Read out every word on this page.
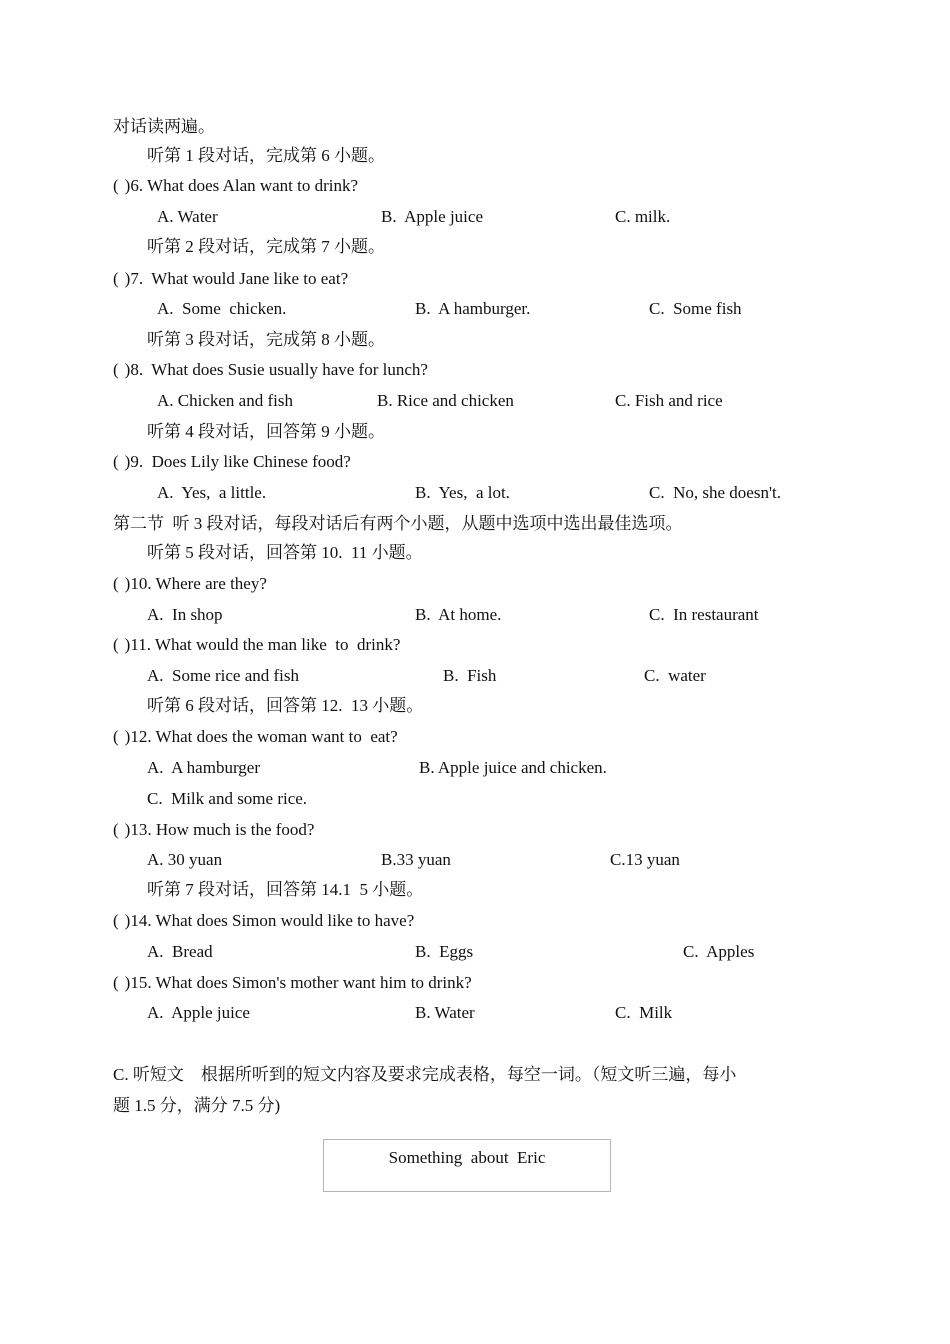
对话读两遍。
听第 1 段对话，完成第 6 小题。
( )6. What does Alan want to drink?
A. Water	B.  Apple juice	C. milk.
听第 2 段对话，完成第 7 小题。
( )7.  What would Jane like to eat?
A.  Some  chicken.	B.  A hamburger.	C.  Some fish
听第 3 段对话，完成第 8 小题。
( )8.  What does Susie usually have for lunch?
A. Chicken and fish	B. Rice and chicken	C. Fish and rice
听第 4 段对话，回答第 9 小题。
( )9.  Does Lily like Chinese food?
A.  Yes,  a little.	B.  Yes,  a lot.	C.  No, she doesn't.
第二节  听 3 段对话，每段对话后有两个小题，从题中选项中选出最佳选项。
听第 5 段对话，回答第 10.  11 小题。
( )10. Where are they?
A.  In shop	B.  At home.	C.  In restaurant
( )11. What would the man like  to  drink?
A.  Some rice and fish	B.  Fish	C.  water
听第 6 段对话，回答第 12.  13 小题。
( )12. What does the woman want to  eat?
A.  A hamburger	B. Apple juice and chicken.
C.  Milk and some rice.
( )13. How much is the food?
A. 30 yuan	B.33 yuan	C.13 yuan
听第 7 段对话，回答第 14.1  5 小题。
( )14. What does Simon would like to have?
A.  Bread	B.  Eggs	C.  Apples
( )15. What does Simon's mother want him to drink?
A.  Apple juice	B. Water	C.  Milk
C. 听短文    根据所听到的短文内容及要求完成表格，每空一词。（短文听三遍，每小
题 1.5 分，满分 7.5 分)
Something  about  Eric
